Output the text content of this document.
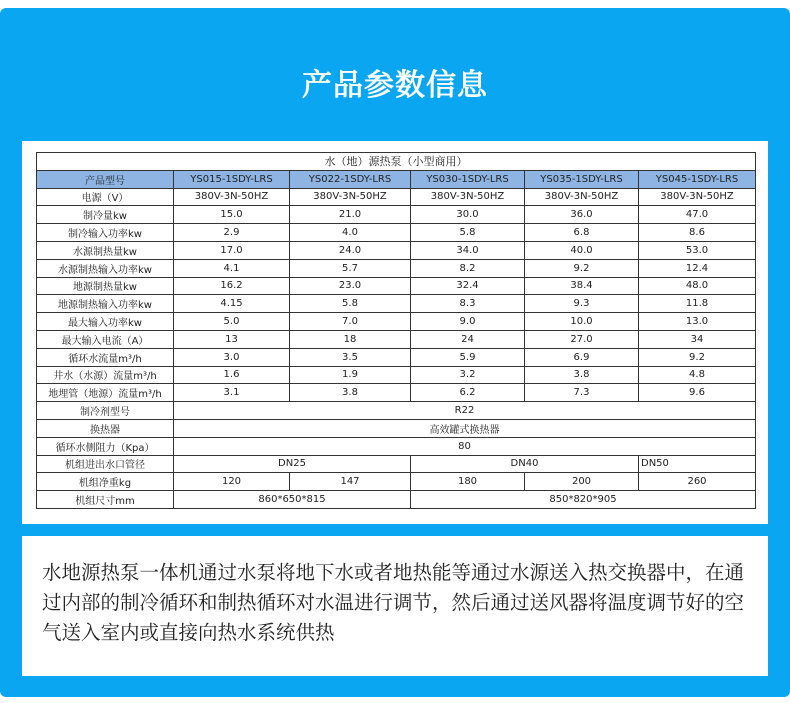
产品参数信息
水（地）源热泵（小型商用）					
产品型号	YS015-1SDY-LRS	YS022-1SDY-LRS	YS030-1SDY-LRS	YS035-1SDY-LRS	YS045-1SDY-LRS
电源（V）	380V-3N-50HZ	380V-3N-50HZ	380V-3N-50HZ	380V-3N-50HZ	380V-3N-50HZ
制冷量kw	15.0	21.0	30.0	36.0	47.0
制冷输入功率kw	2.9	4.0	5.8	6.8	8.6
水源制热量kw	17.0	24.0	34.0	40.0	53.0
水源制热输入功率kw	4.1	5.7	8.2	9.2	12.4
地源制热量kw	16.2	23.0	32.4	38.4	48.0
地源制热输入功率kw	4.15	5.8	8.3	9.3	11.8
最大输入功率kw	5.0	7.0	9.0	10.0	13.0
最大输入电流（A）	13	18	24	27.0	34
循环水流量m³/h	3.0	3.5	5.9	6.9	9.2
井水（水源）流量m³/h	1.6	1.9	3.2	3.8	4.8
地埋管（地源）流量m³/h	3.1	3.8	6.2	7.3	9.6
制冷剂型号	R22				
换热器	高效罐式换热器				
循环水侧阻力（Kpa）	80				
机组进出水口管径	DN25		DN40		DN50
机组净重kg	120	147	180	200	260
机组尺寸mm	860*650*815		850*820*905		
水地源热泵一体机通过水泵将地下水或者地热能等通过水源送入热交换器中，在通过内部的制冷循环和制热循环对水温进行调节，然后通过送风器将温度调节好的空气送入室内或直接向热水系统供热
